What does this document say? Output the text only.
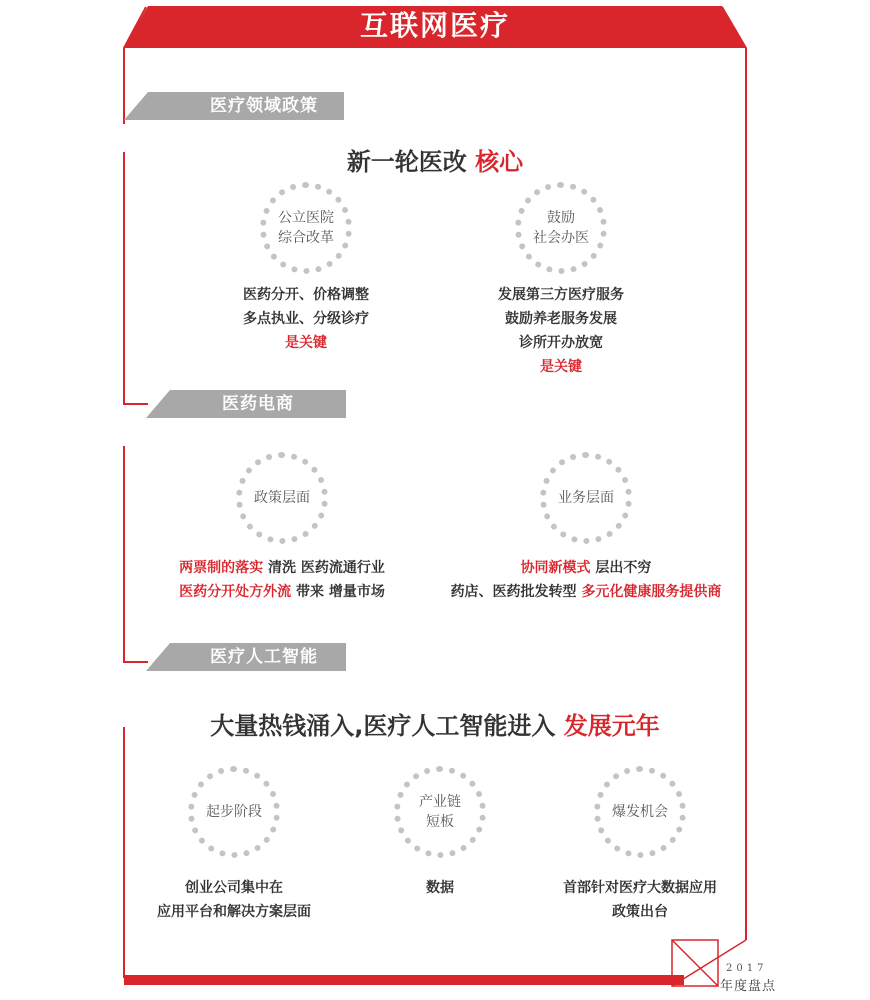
互联网医疗
医疗领域政策
新一轮医改 核心
公立医院
综合改革
医药分开、价格调整
多点执业、分级诊疗
是关键
鼓励
社会办医
发展第三方医疗服务
鼓励养老服务发展
诊所开办放宽
是关键
医药电商
政策层面
两票制的落实 清洗 医药流通行业
医药分开处方外流 带来 增量市场
业务层面
协同新模式 层出不穷
药店、医药批发转型 多元化健康服务提供商
医疗人工智能
大量热钱涌入,医疗人工智能进入 发展元年
起步阶段
创业公司集中在
应用平台和解决方案层面
产业链
短板
数据
爆发机会
首部针对医疗大数据应用
政策出台
2017
年度盘点
